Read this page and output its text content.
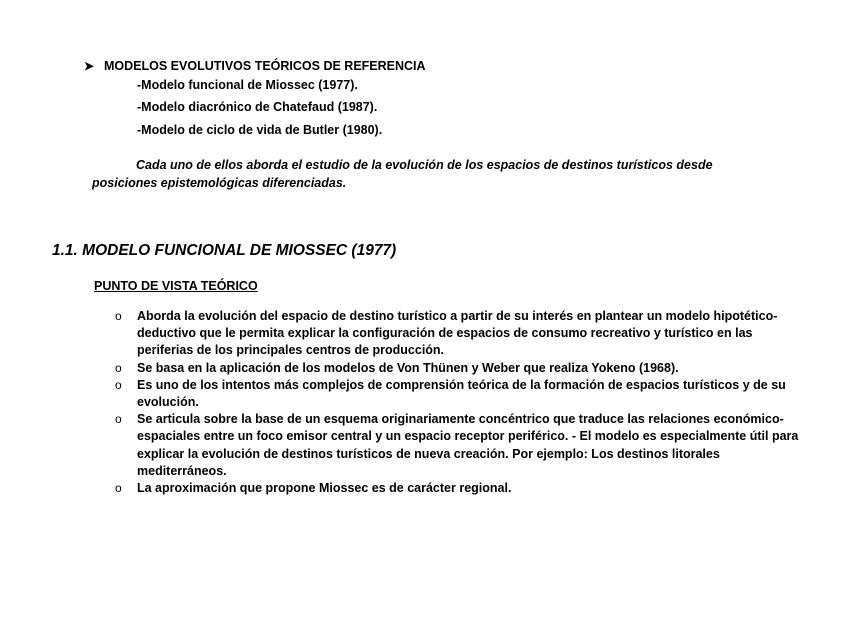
➤ MODELOS EVOLUTIVOS TEÓRICOS DE REFERENCIA
-Modelo funcional de Miossec (1977).
-Modelo diacrónico de Chatefaud (1987).
-Modelo de ciclo de vida de Butler (1980).
Cada uno de ellos aborda el estudio de la evolución de los espacios de destinos turísticos desde posiciones epistemológicas diferenciadas.
1.1. MODELO FUNCIONAL DE MIOSSEC (1977)
PUNTO DE VISTA TEÓRICO
o Aborda la evolución del espacio de destino turístico a partir de su interés en plantear un modelo hipotético-deductivo que le permita explicar la configuración de espacios de consumo recreativo y turístico en las periferias de los principales centros de producción.
o Se basa en la aplicación de los modelos de Von Thünen y Weber que realiza Yokeno (1968).
o Es uno de los intentos más complejos de comprensión teórica de la formación de espacios turísticos y de su evolución.
o Se articula sobre la base de un esquema originariamente concéntrico que traduce las relaciones económico-espaciales entre un foco emisor central y un espacio receptor periférico. - El modelo es especialmente útil para explicar la evolución de destinos turísticos de nueva creación. Por ejemplo: Los destinos litorales mediterráneos.
o La aproximación que propone Miossec es de carácter regional.
